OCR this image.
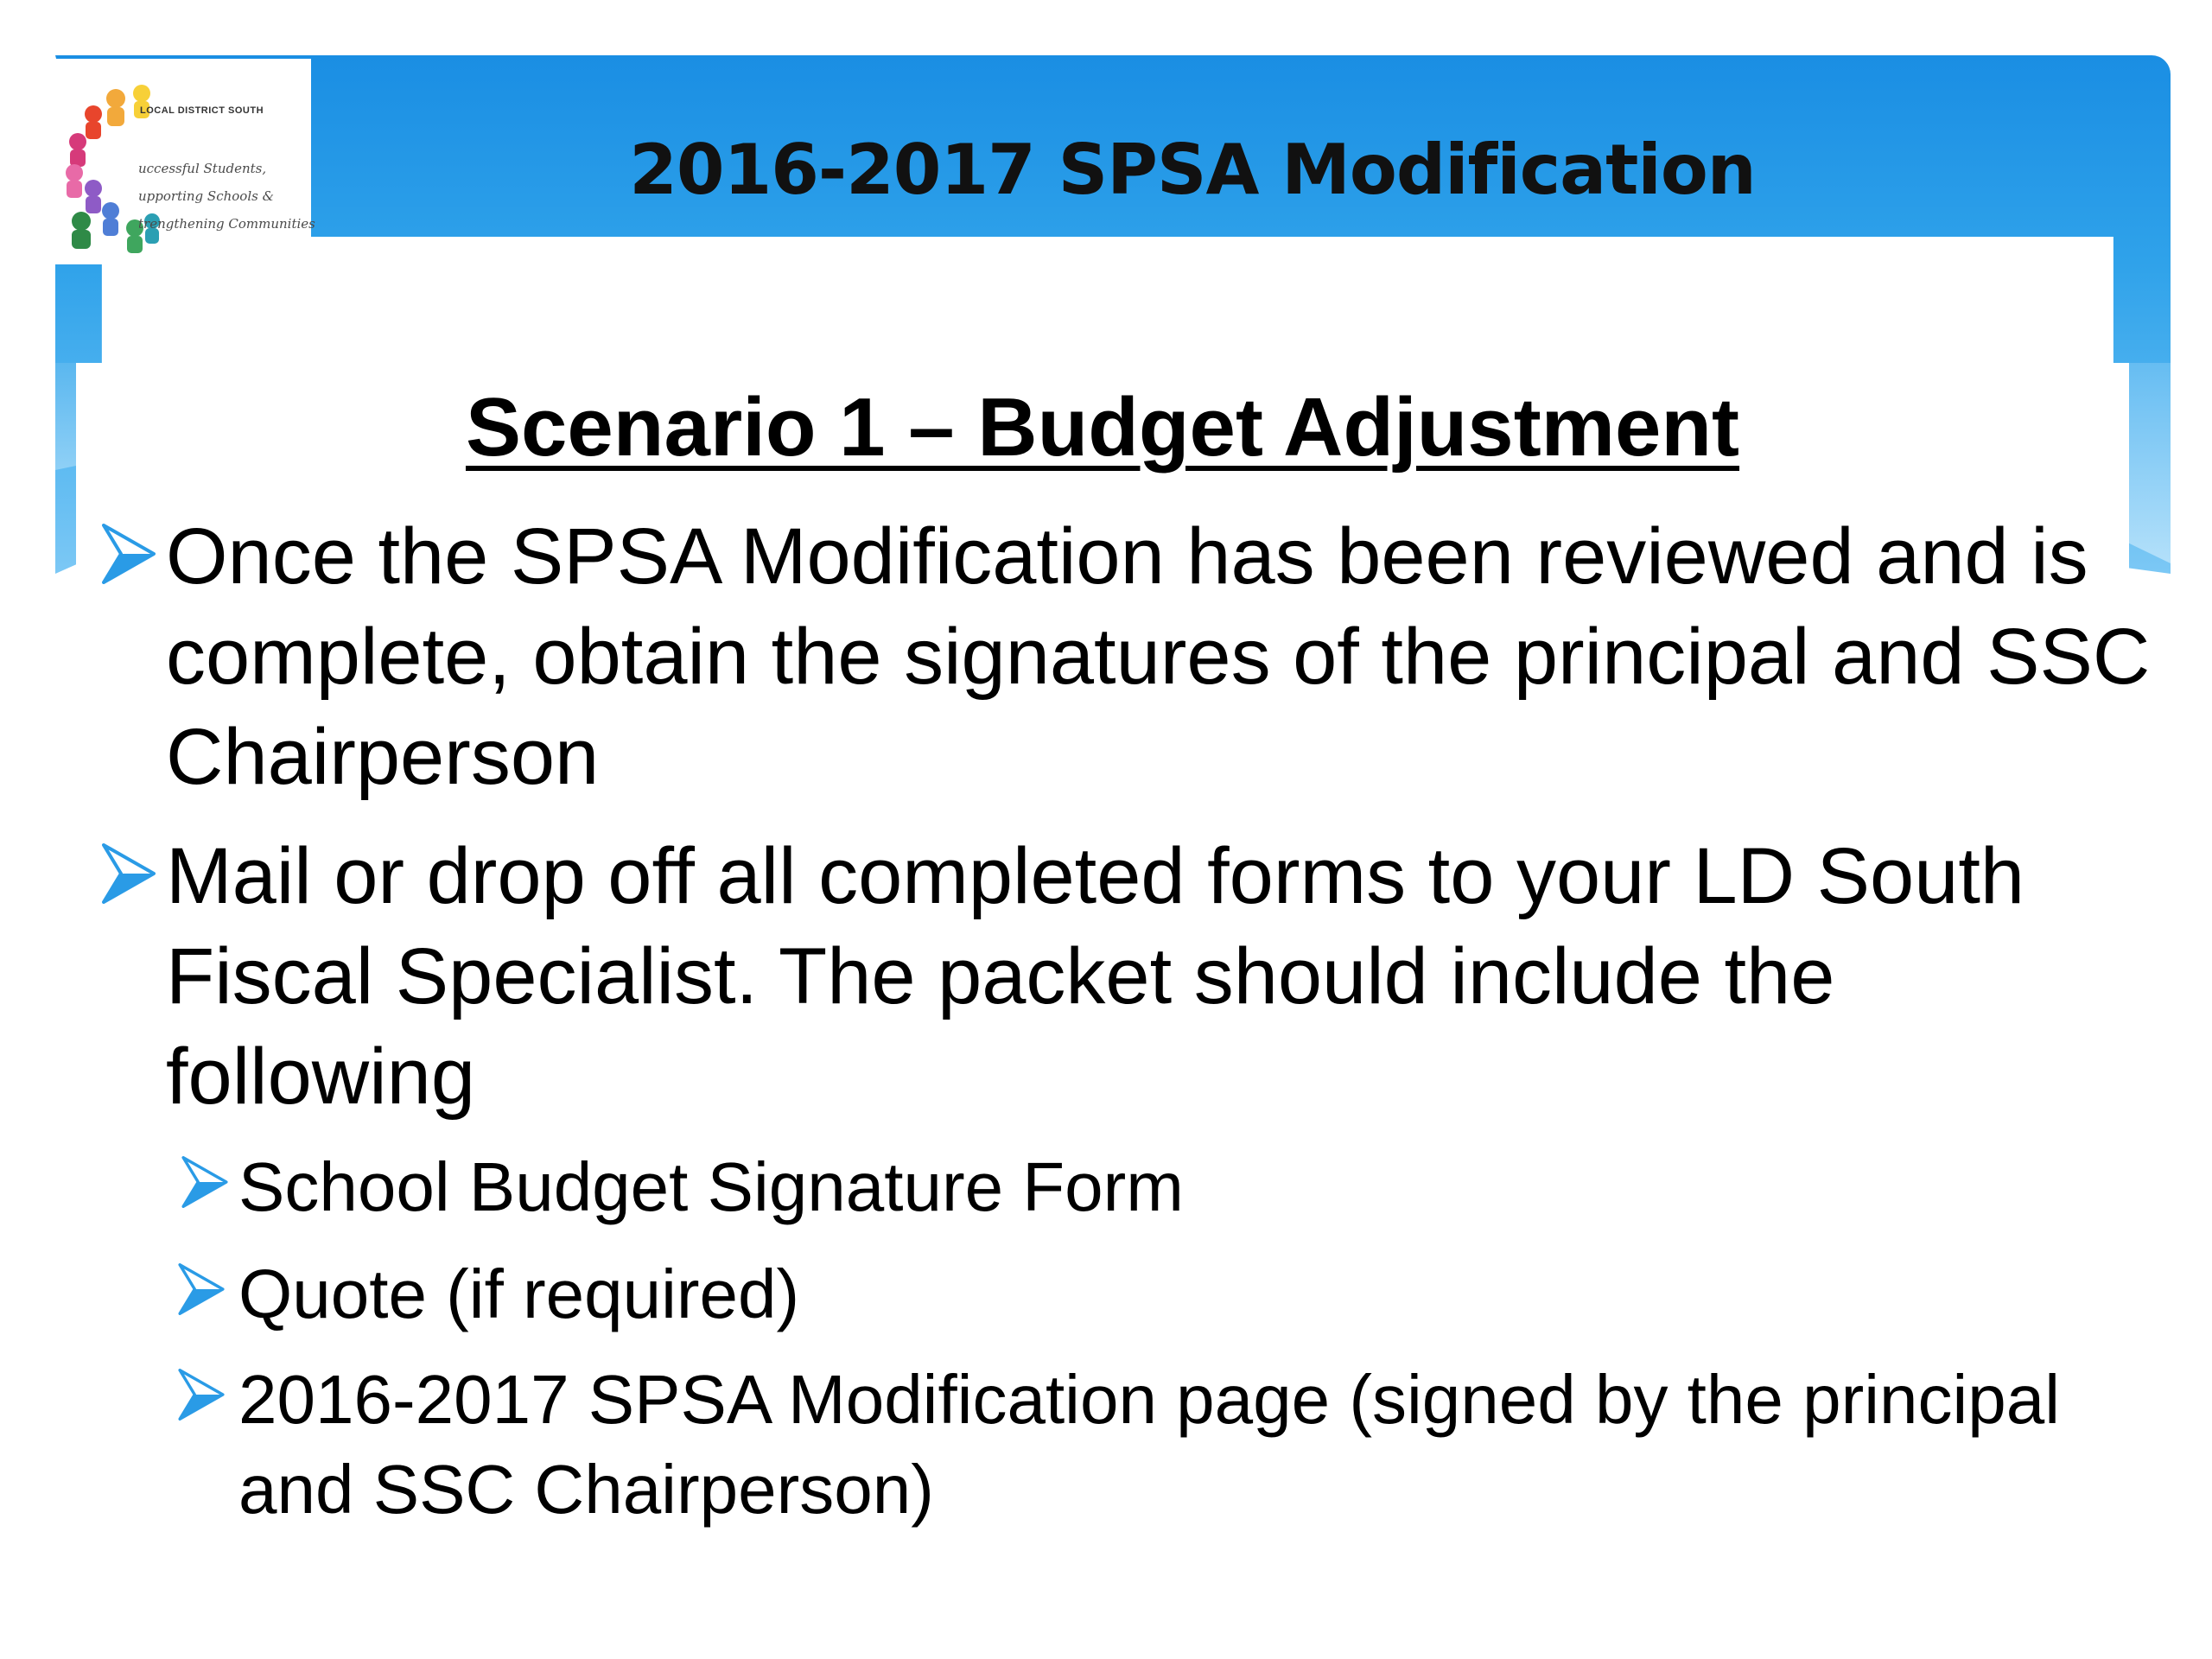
LOCAL DISTRICT SOUTH
uccessful Students,
upporting Schools &
trengthening Communities
2016-2017 SPSA Modification
Scenario 1 – Budget Adjustment
Once the SPSA Modification has been reviewed and is complete, obtain the signatures of the principal and SSC Chairperson
Mail or drop off all completed forms to your LD South Fiscal Specialist. The packet should include the following
School Budget Signature Form
Quote (if required)
2016-2017 SPSA Modification page (signed by the principal and SSC Chairperson)
